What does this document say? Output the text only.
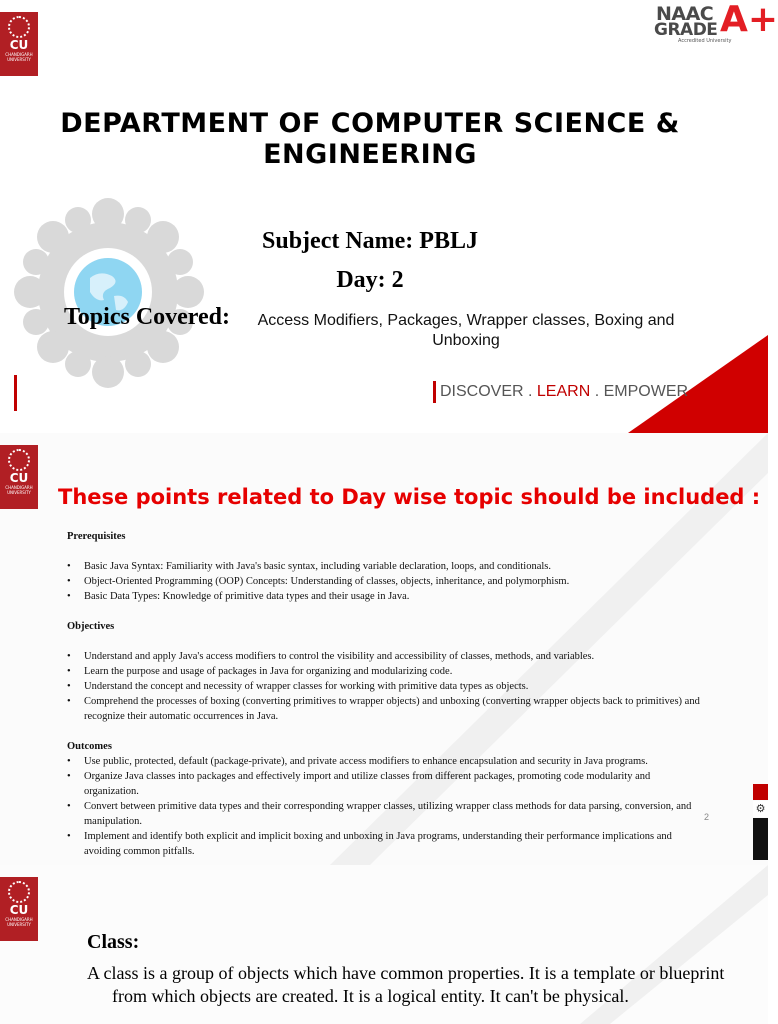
CU
CHANDIGARH UNIVERSITY
NAAC
GRADE A+
Accredited University
DEPARTMENT OF COMPUTER SCIENCE & ENGINEERING
Subject Name: PBLJ
Day: 2
Topics Covered:	Access Modifiers, Packages, Wrapper classes, Boxing and Unboxing
DISCOVER . LEARN . EMPOWER
CU
CHANDIGARH UNIVERSITY	These points related to Day wise topic should be included :
Prerequisites
• Basic Java Syntax: Familiarity with Java's basic syntax, including variable declaration, loops, and conditionals.
• Object-Oriented Programming (OOP) Concepts: Understanding of classes, objects, inheritance, and polymorphism.
• Basic Data Types: Knowledge of primitive data types and their usage in Java.
Objectives
• Understand and apply Java's access modifiers to control the visibility and accessibility of classes, methods, and variables.
• Learn the purpose and usage of packages in Java for organizing and modularizing code.
• Understand the concept and necessity of wrapper classes for working with primitive data types as objects.
• Comprehend the processes of boxing (converting primitives to wrapper objects) and unboxing (converting wrapper objects back to primitives) and recognize their automatic occurrences in Java.
Outcomes
• Use public, protected, default (package-private), and private access modifiers to enhance encapsulation and security in Java programs.
• Organize Java classes into packages and effectively import and utilize classes from different packages, promoting code modularity and organization.
• Convert between primitive data types and their corresponding wrapper classes, utilizing wrapper class methods for data parsing, conversion, and manipulation.
• Implement and identify both explicit and implicit boxing and unboxing in Java programs, understanding their performance implications and avoiding common pitfalls.
2
⚙
CU
CHANDIGARH UNIVERSITY
Class:
A class is a group of objects which have common properties. It is a template or blueprint from which objects are created. It is a logical entity. It can't be physical.
